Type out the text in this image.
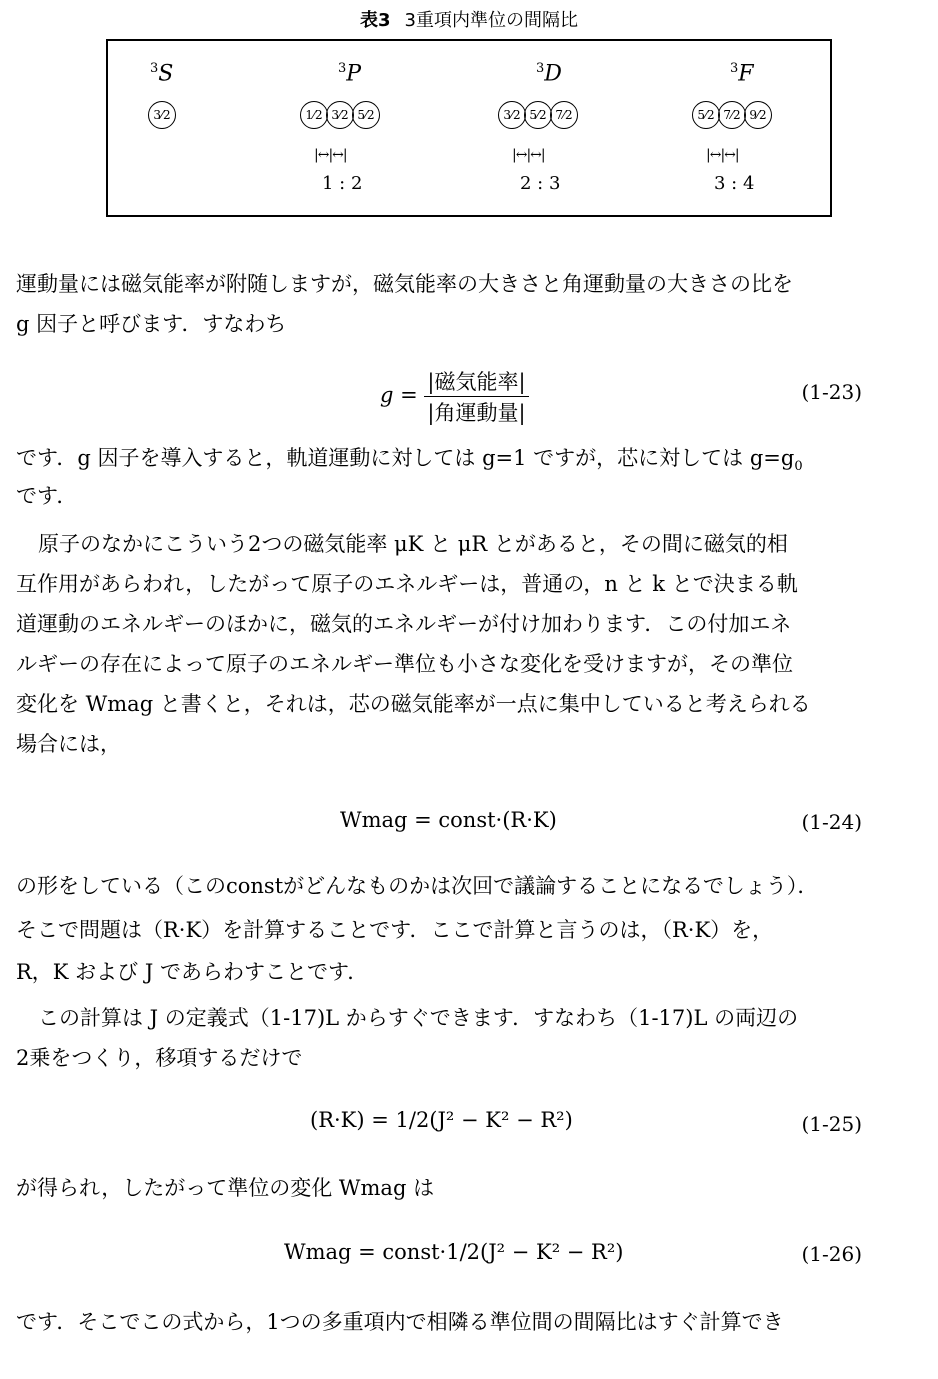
表3 3重項内準位の間隔比
$^3$S
3⁄2
$^3$P
1⁄2 3⁄2 5⁄2
|↔|↔|
1 : 2
$^3$D
3⁄2 5⁄2 7⁄2
|↔|↔|
2 : 3
$^3$F
5⁄2 7⁄2 9⁄2
|↔|↔|
3 : 4
運動量には磁気能率が附随しますが，磁気能率の大きさと角運動量の大きさの比を
g 因子と呼びます．すなわち
$g = \frac{\text{|磁気能率|}}{\text{|角運動量|}}$	(1-23)
です．g 因子を導入すると，軌道運動に対しては g=1 ですが，芯に対しては $g=g_0$
です．
原子のなかにこういう2つの磁気能率 μK と μR とがあると，その間に磁気的相
互作用があらわれ，したがって原子のエネルギーは，普通の，n と k とで決まる軌
道運動のエネルギーのほかに，磁気的エネルギーが付け加わります．この付加エネ
ルギーの存在によって原子のエネルギー準位も小さな変化を受けますが，その準位
変化を Wmag と書くと，それは，芯の磁気能率が一点に集中していると考えられる
場合には，
Wmag = const·(R·K)	(1-24)
の形をしている（このconstがどんなものかは次回で議論することになるでしょう）．
そこで問題は（R·K）を計算することです．ここで計算と言うのは，（R·K）を，
R，K および J であらわすことです．
この計算は J の定義式（1-17)L からすぐできます．すなわち（1-17)L の両辺の
2乗をつくり，移項するだけで
(R·K) = 1/2(J² − K² − R²)	(1-25)
が得られ，したがって準位の変化 Wmag は
Wmag = const·1/2(J² − K² − R²)	(1-26)
です．そこでこの式から，1つの多重項内で相隣る準位間の間隔比はすぐ計算でき
